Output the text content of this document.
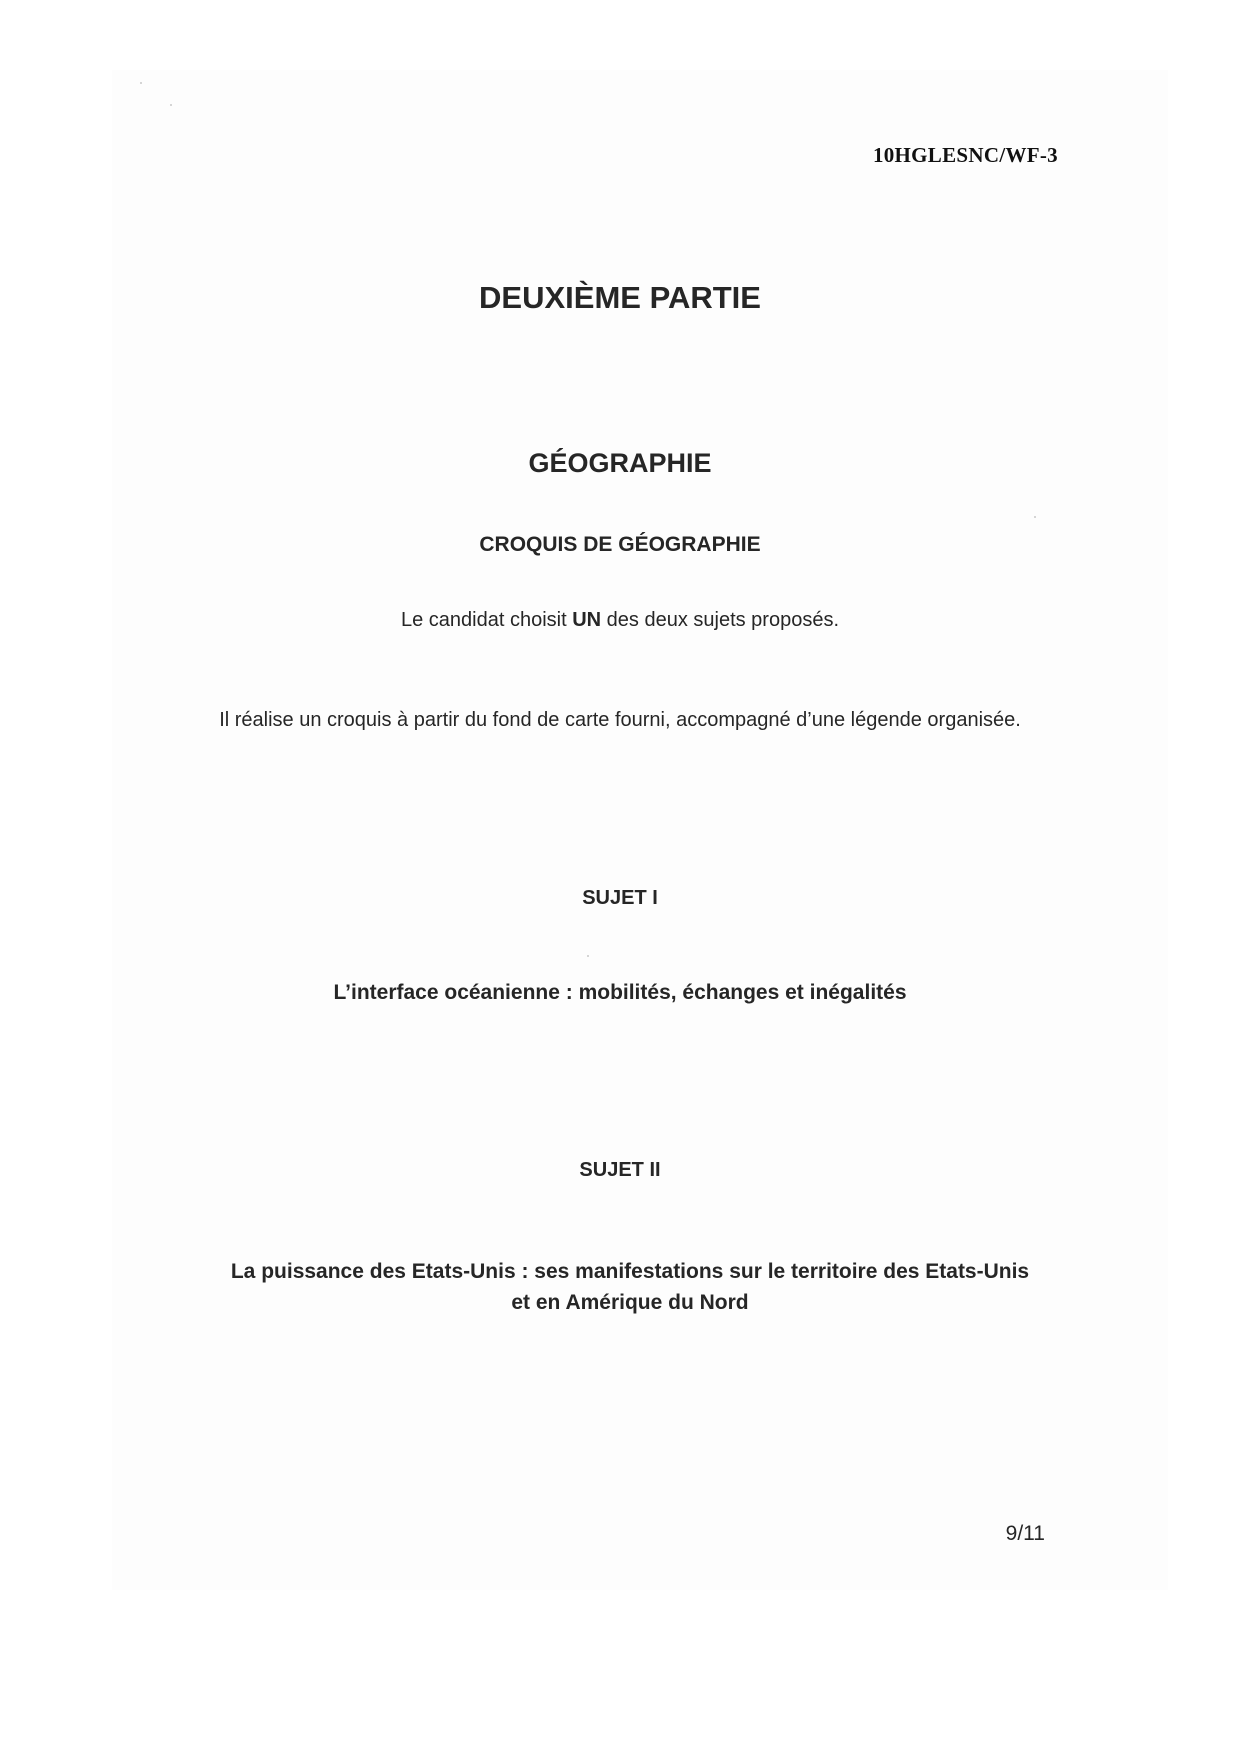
10HGLESNC/WF-3
DEUXIÈME PARTIE
GÉOGRAPHIE
CROQUIS DE GÉOGRAPHIE
Le candidat choisit UN des deux sujets proposés.
Il réalise un croquis à partir du fond de carte fourni, accompagné d’une légende organisée.
SUJET I
L’interface océanienne : mobilités, échanges et inégalités
SUJET II
La puissance des Etats-Unis : ses manifestations sur le territoire des Etats-Unis et en Amérique du Nord
9/11
